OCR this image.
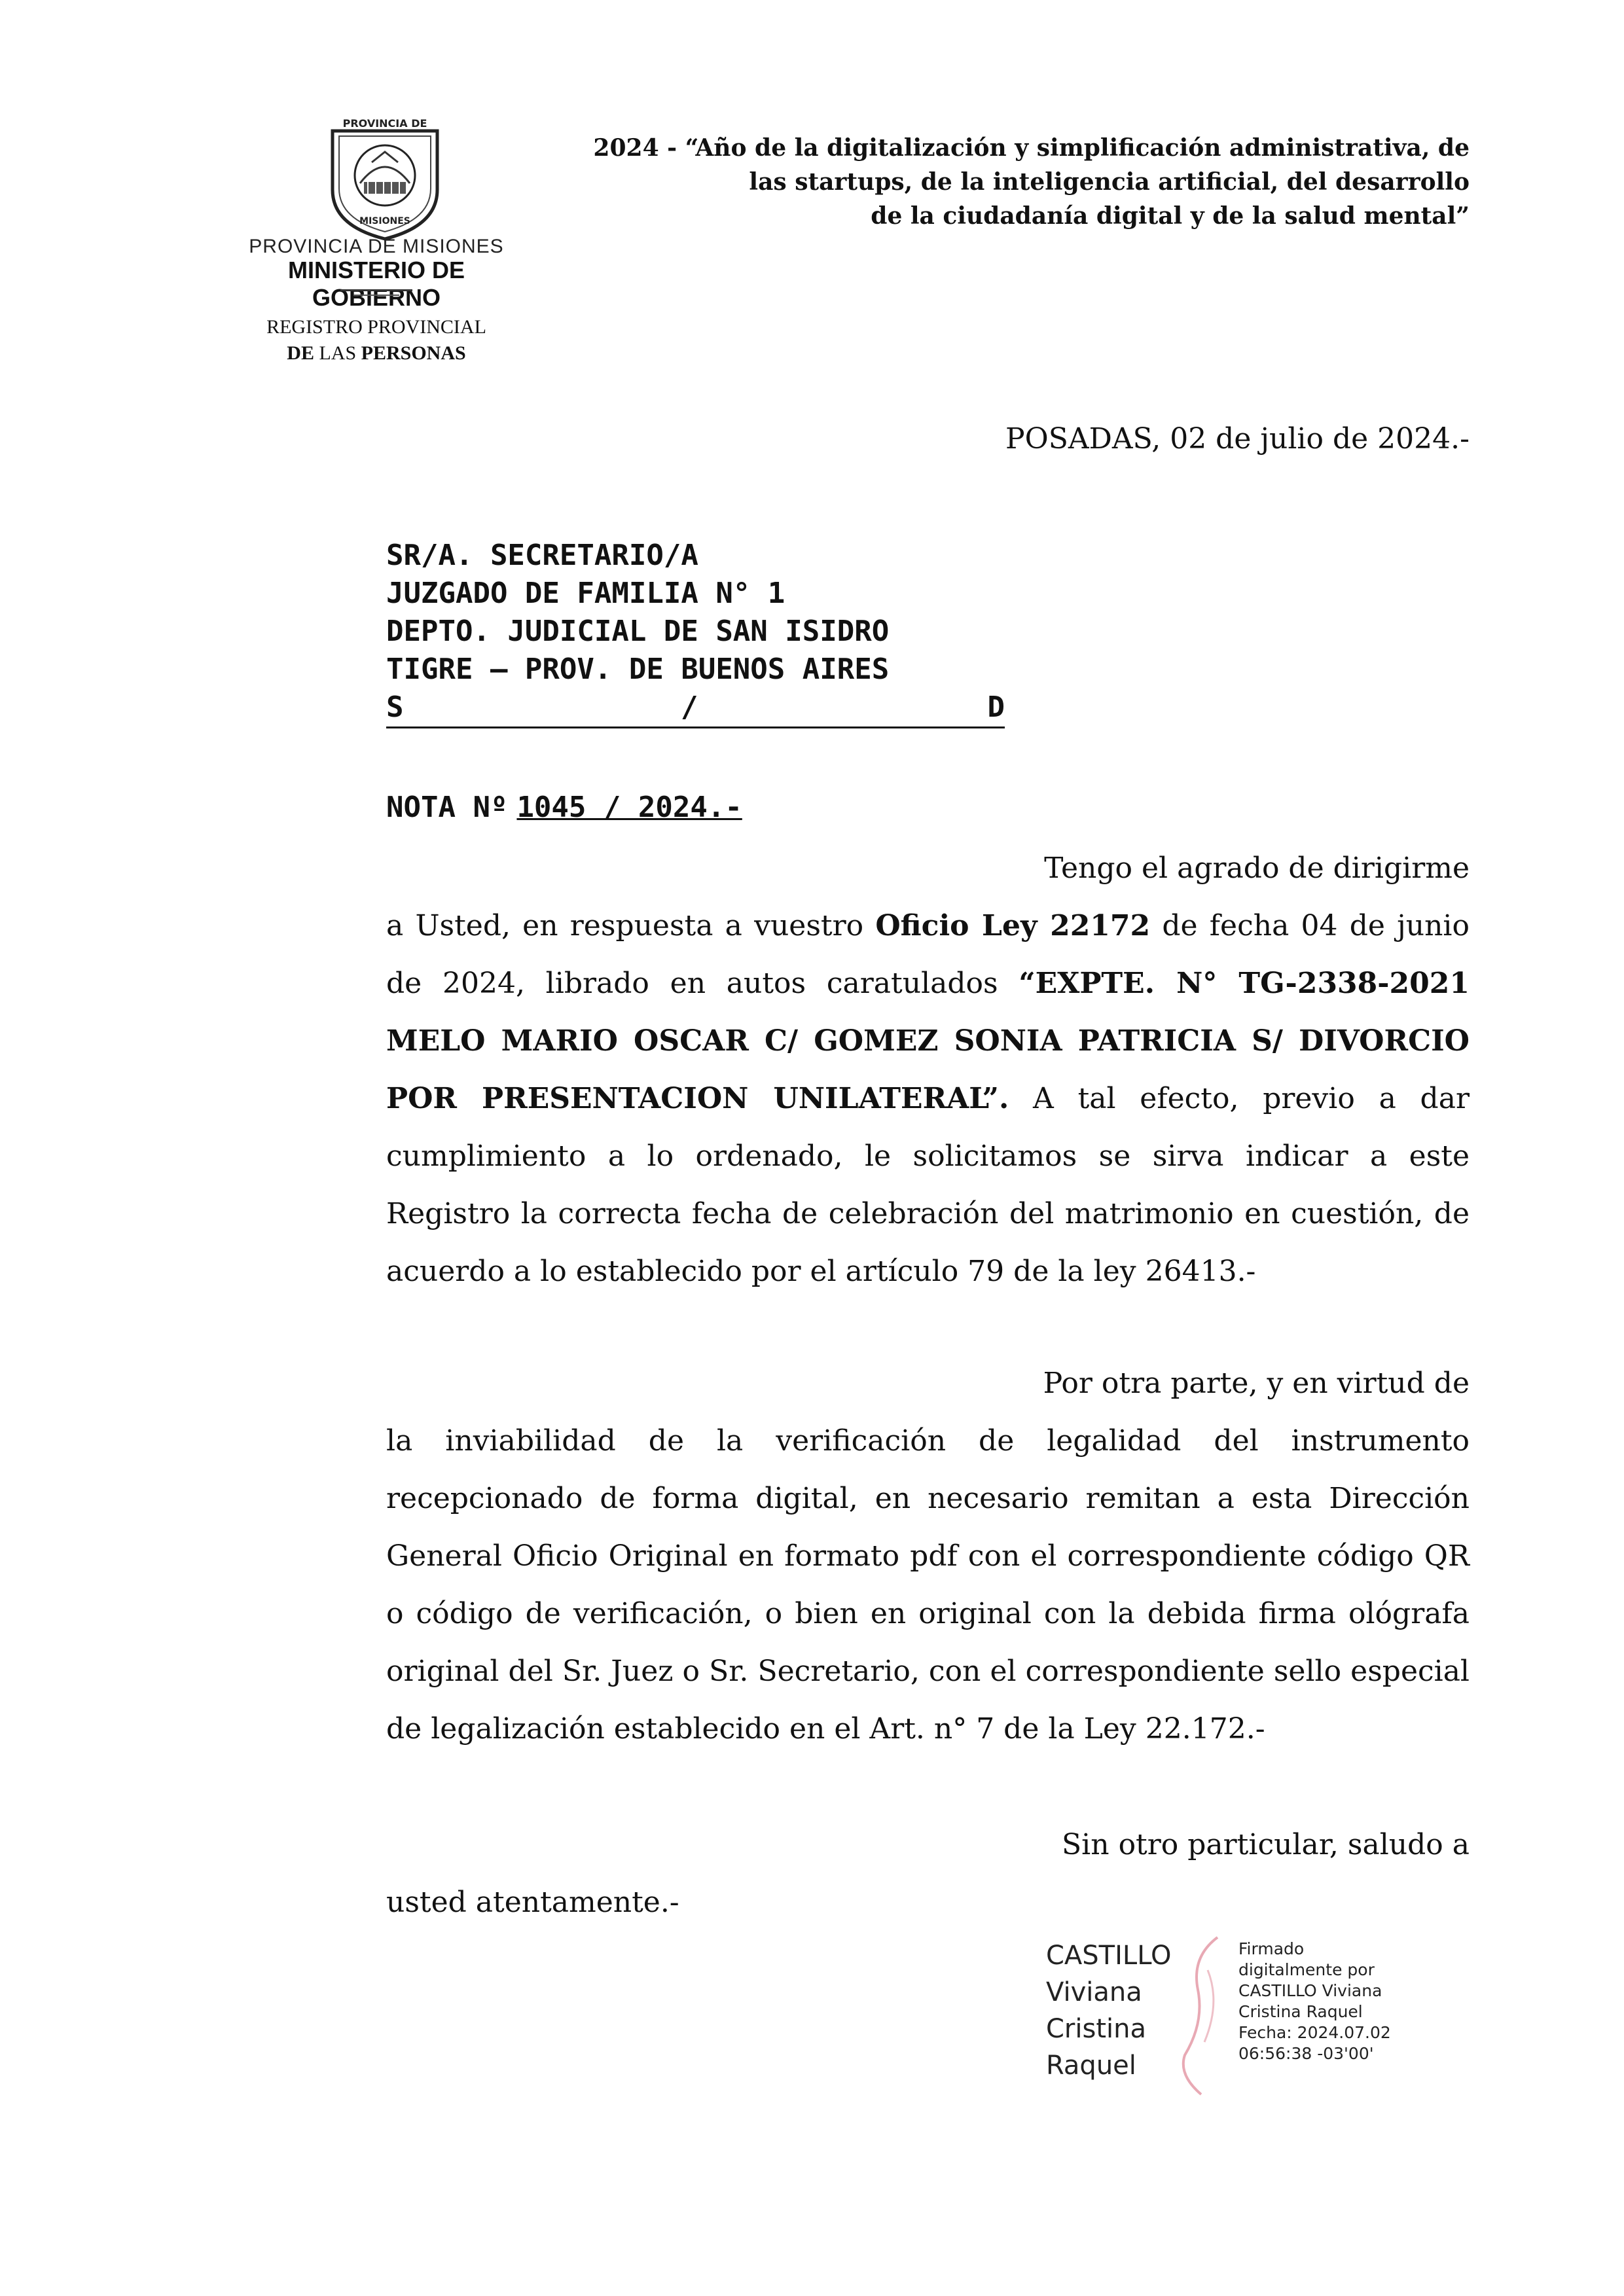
PROVINCIA DE
MISIONES
PROVINCIA DE MISIONES
MINISTERIO DE GOBIERNO
REGISTRO PROVINCIAL
DE LAS PERSONAS
2024 - “Año de la digitalización y simplificación administrativa, de
las startups, de la inteligencia artificial, del desarrollo
de la ciudadanía digital y de la salud mental”
POSADAS, 02 de julio de 2024.-
SR/A. SECRETARIO/A
JUZGADO DE FAMILIA N° 1
DEPTO. JUDICIAL DE SAN ISIDRO
TIGRE – PROV. DE BUENOS AIRES
S	/	D
NOTA Nº 1045 / 2024.-
Tengo el agrado de dirigirme
a Usted, en respuesta a vuestro Oficio Ley 22172 de fecha 04 de junio de 2024, librado en autos caratulados “EXPTE. N° TG-2338-2021 MELO MARIO OSCAR C/ GOMEZ SONIA PATRICIA S/ DIVORCIO POR PRESENTACION UNILATERAL”. A tal efecto, previo a dar cumplimiento a lo ordenado, le solicitamos se sirva indicar a este Registro la correcta fecha de celebración del matrimonio en cuestión, de acuerdo a lo establecido por el artículo 79 de la ley 26413.-
Por otra parte, y en virtud de
la inviabilidad de la verificación de legalidad del instrumento recepcionado de forma digital, en necesario remitan a esta Dirección General Oficio Original en formato pdf con el correspondiente código QR o código de verificación, o bien en original con la debida firma ológrafa original del Sr. Juez o Sr. Secretario, con el correspondiente sello especial de legalización establecido en el Art. n° 7 de la Ley 22.172.-
Sin otro particular, saludo a
usted atentamente.-
CASTILLO
Viviana
Cristina
Raquel
Firmado
digitalmente por
CASTILLO Viviana
Cristina Raquel
Fecha: 2024.07.02
06:56:38 -03'00'
